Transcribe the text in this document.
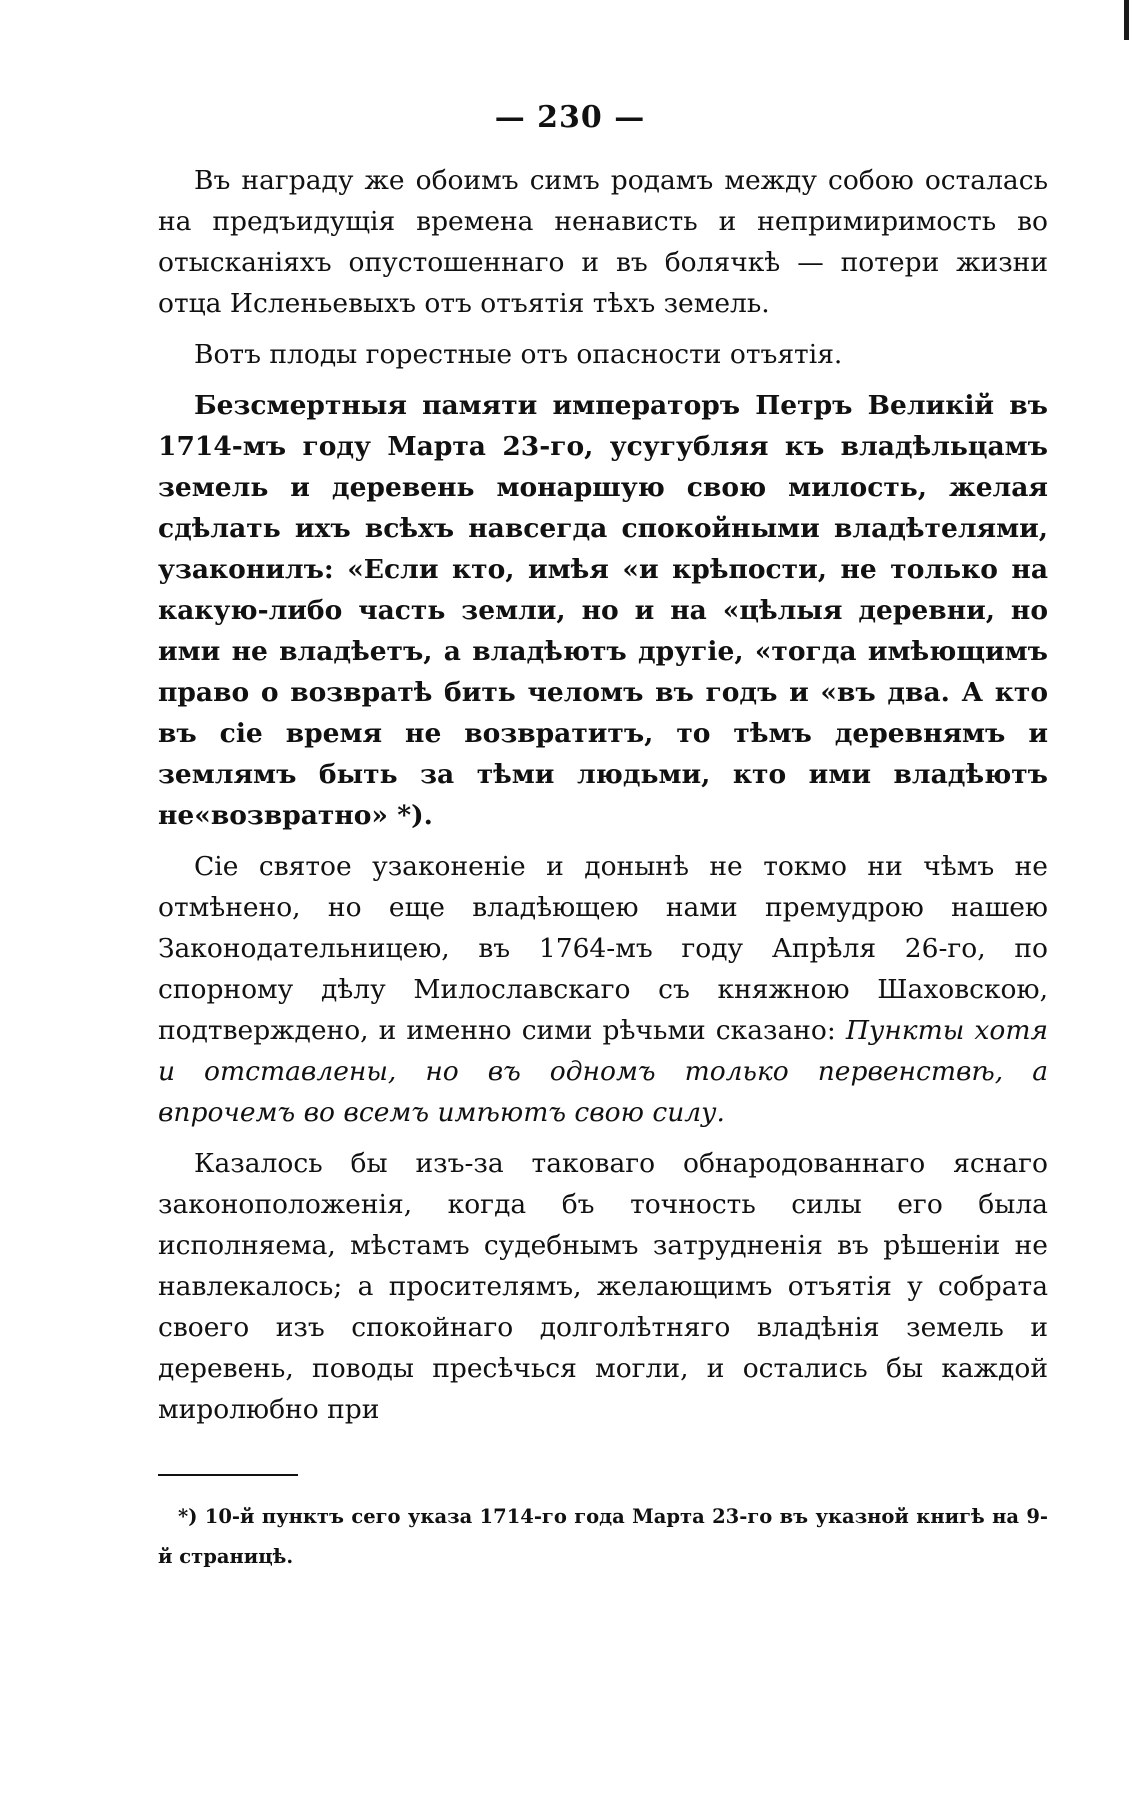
— 230 —

Въ награду же обоимъ симъ родамъ между собою осталась на предъидущія времена ненависть и непримиримость во отысканіяхъ опустошеннаго и въ болячкѣ — потери жизни отца Исленьевыхъ отъ отъятія тѣхъ земель.

Вотъ плоды горестные отъ опасности отъятія.

Безсмертныя памяти императоръ Петръ Великій въ 1714-мъ году Марта 23-го, усугубляя къ владѣльцамъ земель и деревень монаршую свою милость, желая сдѣлать ихъ всѣхъ навсегда спокойными владѣтелями, узаконилъ: «Если кто, имѣя «и крѣпости, не только на какую-либо часть земли, но и на «цѣлыя деревни, но ими не владѣетъ, а владѣютъ другіе, «тогда имѣющимъ право о возвратѣ бить челомъ въ годъ и «въ два. А кто въ сіе время не возвратитъ, то тѣмъ деревнямъ и землямъ быть за тѣми людьми, кто ими владѣютъ не«возвратно» *).

Сіе святое узаконеніе и донынѣ не токмо ни чѣмъ не отмѣнено, но еще владѣющею нами премудрою нашею Законодательницею, въ 1764-мъ году Апрѣля 26-го, по спорному дѣлу Милославскаго съ княжною Шаховскою, подтверждено, и именно сими рѣчьми сказано: Пункты хотя и отставлены, но въ одномъ только первенствѣ, а впрочемъ во всемъ имѣютъ свою силу.

Казалось бы изъ-за таковаго обнародованнаго яснаго законоположенія, когда бъ точность силы его была исполняема, мѣстамъ судебнымъ затрудненія въ рѣшеніи не навлекалось; а просителямъ, желающимъ отъятія у собрата своего изъ спокойнаго долголѣтняго владѣнія земель и деревень, поводы пресѣчься могли, и остались бы каждой миролюбно при

*) 10-й пунктъ сего указа 1714-го года Марта 23-го въ указной книгѣ на 9-й страницѣ.
